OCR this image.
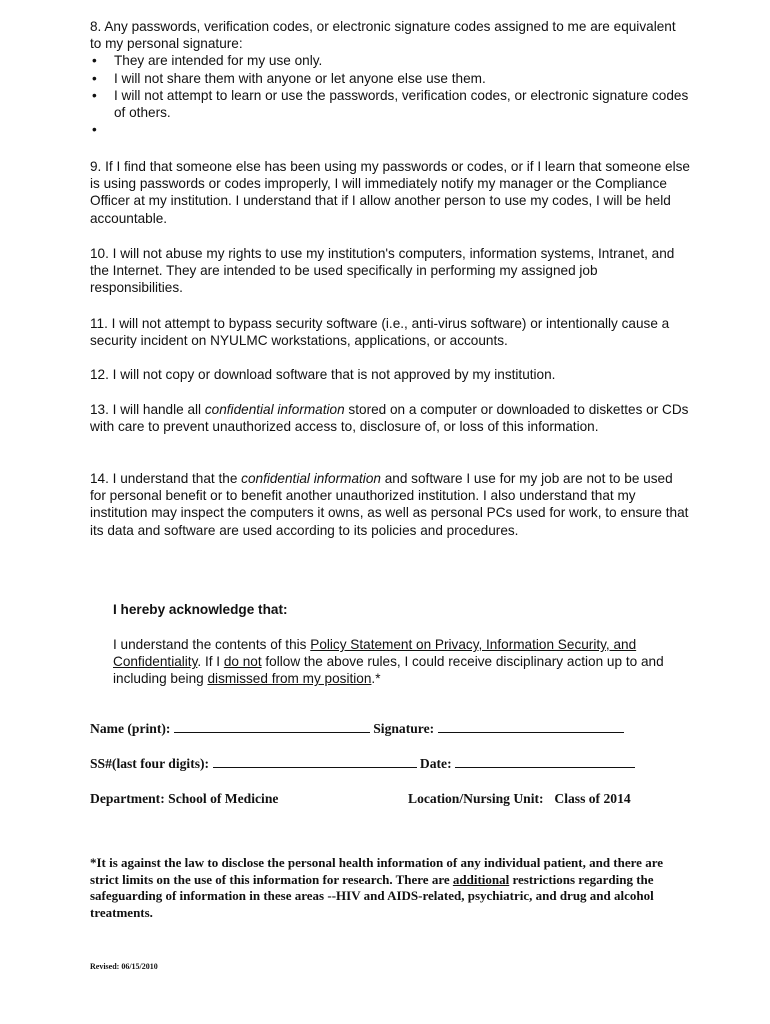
8. Any passwords, verification codes, or electronic signature codes assigned to me are equivalent to my personal signature:
• They are intended for my use only.
• I will not share them with anyone or let anyone else use them.
• I will not attempt to learn or use the passwords, verification codes, or electronic signature codes of others.
•

9. If I find that someone else has been using my passwords or codes, or if I learn that someone else is using passwords or codes improperly, I will immediately notify my manager or the Compliance Officer at my institution. I understand that if I allow another person to use my codes, I will be held accountable.

10. I will not abuse my rights to use my institution's computers, information systems, Intranet, and the Internet. They are intended to be used specifically in performing my assigned job responsibilities.

11. I will not attempt to bypass security software (i.e., anti-virus software) or intentionally cause a security incident on NYULMC workstations, applications, or accounts.

12. I will not copy or download software that is not approved by my institution.

13. I will handle all confidential information stored on a computer or downloaded to diskettes or CDs with care to prevent unauthorized access to, disclosure of, or loss of this information.

14. I understand that the confidential information and software I use for my job are not to be used for personal benefit or to benefit another unauthorized institution. I also understand that my institution may inspect the computers it owns, as well as personal PCs used for work, to ensure that its data and software are used according to its policies and procedures.

I hereby acknowledge that:

I understand the contents of this Policy Statement on Privacy, Information Security, and Confidentiality. If I do not follow the above rules, I could receive disciplinary action up to and including being dismissed from my position.*

Name (print):	Signature:
SS#(last four digits):	Date:
Department: School of Medicine	Location/Nursing Unit: Class of 2014

*It is against the law to disclose the personal health information of any individual patient, and there are strict limits on the use of this information for research. There are additional restrictions regarding the safeguarding of information in these areas --HIV and AIDS-related, psychiatric, and drug and alcohol treatments.

Revised: 06/15/2010
